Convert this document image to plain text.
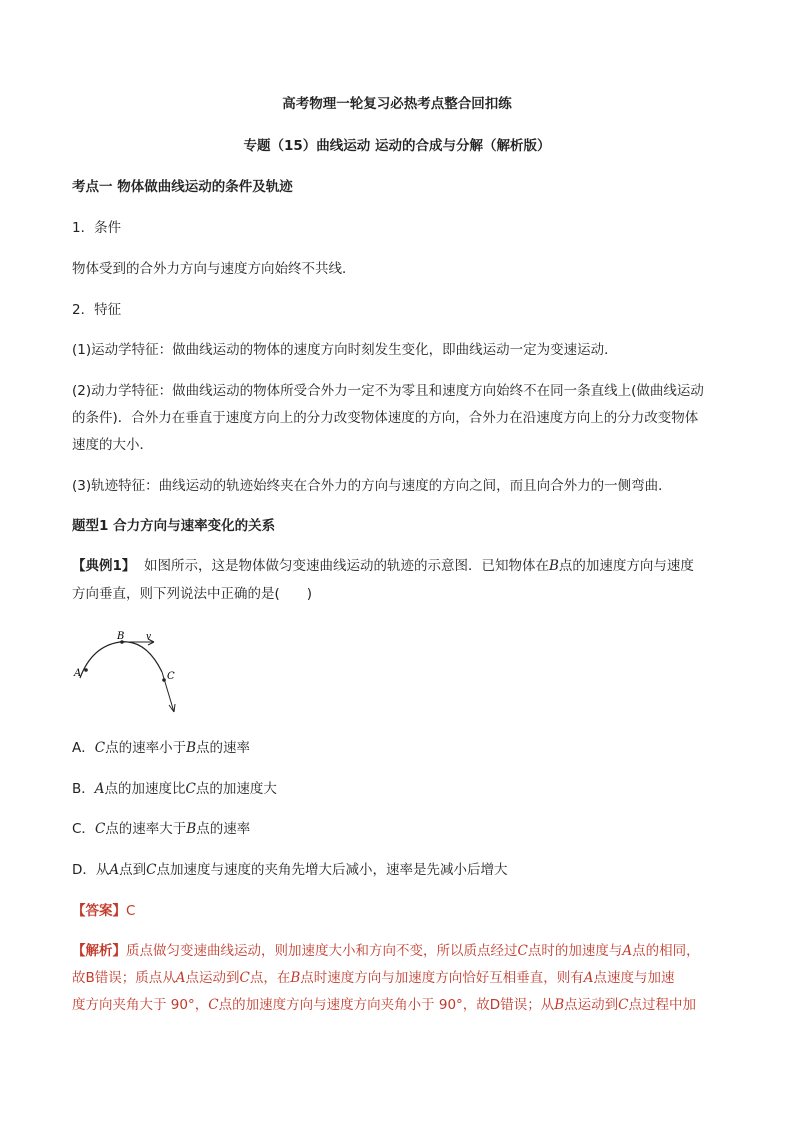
高考物理一轮复习必热考点整合回扣练
专题（15）曲线运动 运动的合成与分解（解析版）
考点一 物体做曲线运动的条件及轨迹
1．条件
物体受到的合外力方向与速度方向始终不共线．
2．特征
(1)运动学特征：做曲线运动的物体的速度方向时刻发生变化，即曲线运动一定为变速运动．
(2)动力学特征：做曲线运动的物体所受合外力一定不为零且和速度方向始终不在同一条直线上(做曲线运动
的条件)．合外力在垂直于速度方向上的分力改变物体速度的方向，合外力在沿速度方向上的分力改变物体
速度的大小．
(3)轨迹特征：曲线运动的轨迹始终夹在合外力的方向与速度的方向之间，而且向合外力的一侧弯曲．
题型1 合力方向与速率变化的关系
【典例1】 如图所示，这是物体做匀变速曲线运动的轨迹的示意图．已知物体在B点的加速度方向与速度
方向垂直，则下列说法中正确的是(　　)
A
B
C
v
A．C点的速率小于B点的速率
B．A点的加速度比C点的加速度大
C．C点的速率大于B点的速率
D．从A点到C点加速度与速度的夹角先增大后减小，速率是先减小后增大
【答案】C
【解析】质点做匀变速曲线运动，则加速度大小和方向不变，所以质点经过C点时的加速度与A点的相同，
故B错误；质点从A点运动到C点，在B点时速度方向与加速度方向恰好互相垂直，则有A点速度与加速
度方向夹角大于 90°，C点的加速度方向与速度方向夹角小于 90°，故D错误；从B点运动到C点过程中加
